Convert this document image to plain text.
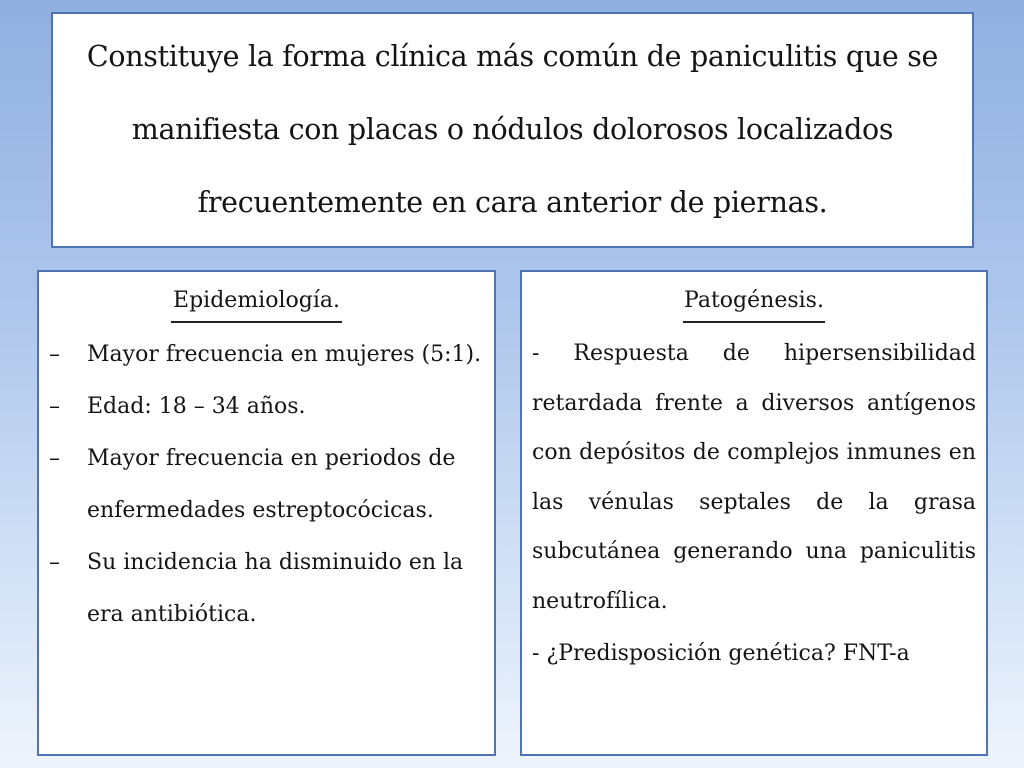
Constituye la forma clínica más común de paniculitis que se manifiesta con placas o nódulos dolorosos localizados frecuentemente en cara anterior de piernas.

Epidemiología.
–	Mayor frecuencia en mujeres (5:1).
–	Edad: 18 – 34 años.
–	Mayor frecuencia en periodos de enfermedades estreptocócicas.
–	Su incidencia ha disminuido en la era antibiótica.
Patogénesis.

- Respuesta de hipersensibilidad retardada frente a diversos antígenos con depósitos de complejos inmunes en las vénulas septales de la grasa subcutánea generando una paniculitis neutrofílica.

- ¿Predisposición genética? FNT-a
